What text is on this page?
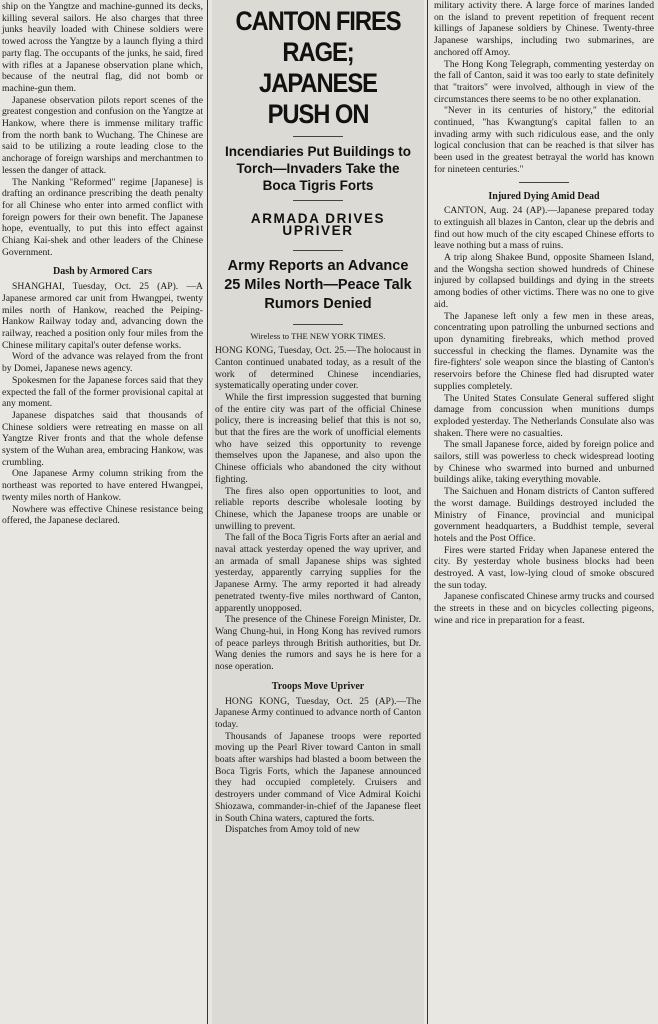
ship on the Yangtze and machine-gunned its decks, killing several sailors. He also charges that three junks heavily loaded with Chinese soldiers were towed across the Yangtze by a launch flying a third party flag. The occupants of the junks, he said, fired with rifles at a Japanese observation plane which, because of the neutral flag, did not bomb or machine-gun them.

Japanese observation pilots report scenes of the greatest congestion and confusion on the Yangtze at Hankow, where there is immense military traffic from the north bank to Wuchang. The Chinese are said to be utilizing a route leading close to the anchorage of foreign warships and merchantmen to lessen the danger of attack.

The Nanking "Reformed" regime [Japanese] is drafting an ordinance prescribing the death penalty for all Chinese who enter into armed conflict with foreign powers for their own benefit. The Japanese hope, eventually, to put this into effect against Chiang Kai-shek and other leaders of the Chinese Government.

Dash by Armored Cars

SHANGHAI, Tuesday, Oct. 25 (AP). —A Japanese armored car unit from Hwangpei, twenty miles north of Hankow, reached the Peiping-Hankow Railway today and, advancing down the railway, reached a position only four miles from the Chinese military capital's outer defense works.

Word of the advance was relayed from the front by Domei, Japanese news agency.

Spokesmen for the Japanese forces said that they expected the fall of the former provisional capital at any moment.

Japanese dispatches said that thousands of Chinese soldiers were retreating en masse on all Yangtze River fronts and that the whole defense system of the Wuhan area, embracing Hankow, was crumbling.

One Japanese Army column striking from the northeast was reported to have entered Hwangpei, twenty miles north of Hankow.

Nowhere was effective Chinese resistance being offered, the Japanese declared.

CANTON FIRES RAGE; JAPANESE PUSH ON
Incendiaries Put Buildings to Torch—Invaders Take the Boca Tigris Forts
ARMADA DRIVES UPRIVER
Army Reports an Advance 25 Miles North—Peace Talk Rumors Denied
Wireless to THE NEW YORK TIMES.

HONG KONG, Tuesday, Oct. 25.—The holocaust in Canton continued unabated today, as a result of the work of determined Chinese incendiaries, systematically operating under cover.

While the first impression suggested that burning of the entire city was part of the official Chinese policy, there is increasing belief that this is not so, but that the fires are the work of unofficial elements who have seized this opportunity to revenge themselves upon the Japanese, and also upon the Chinese officials who abandoned the city without fighting.

The fires also open opportunities to loot, and reliable reports describe wholesale looting by Chinese, which the Japanese troops are unable or unwilling to prevent.

The fall of the Boca Tigris Forts after an aerial and naval attack yesterday opened the way upriver, and an armada of small Japanese ships was sighted yesterday, apparently carrying supplies for the Japanese Army. The army reported it had already penetrated twenty-five miles northward of Canton, apparently unopposed.

The presence of the Chinese Foreign Minister, Dr. Wang Chung-hui, in Hong Kong has revived rumors of peace parleys through British authorities, but Dr. Wang denies the rumors and says he is here for a nose operation.

Troops Move Upriver

HONG KONG, Tuesday, Oct. 25 (AP).—The Japanese Army continued to advance north of Canton today.

Thousands of Japanese troops were reported moving up the Pearl River toward Canton in small boats after warships had blasted a boom between the Boca Tigris Forts, which the Japanese announced they had occupied completely. Cruisers and destroyers under command of Vice Admiral Koichi Shiozawa, commander-in-chief of the Japanese fleet in South China waters, captured the forts.

Dispatches from Amoy told of new

military activity there. A large force of marines landed on the island to prevent repetition of frequent recent killings of Japanese soldiers by Chinese. Twenty-three Japanese warships, including two submarines, are anchored off Amoy.

The Hong Kong Telegraph, commenting yesterday on the fall of Canton, said it was too early to state definitely that "traitors" were involved, although in view of the circumstances there seems to be no other explanation.

"Never in its centuries of history," the editorial continued, "has Kwangtung's capital fallen to an invading army with such ridiculous ease, and the only logical conclusion that can be reached is that silver has been used in the greatest betrayal the world has known for nineteen centuries."

Injured Dying Amid Dead

CANTON, Aug. 24 (AP).—Japanese prepared today to extinguish all blazes in Canton, clear up the debris and find out how much of the city escaped Chinese efforts to leave nothing but a mass of ruins.

A trip along Shakee Bund, opposite Shameen Island, and the Wongsha section showed hundreds of Chinese injured by collapsed buildings and dying in the streets among bodies of other victims. There was no one to give aid.

The Japanese left only a few men in these areas, concentrating upon patrolling the unburned sections and upon dynamiting firebreaks, which method proved successful in checking the flames. Dynamite was the fire-fighters' sole weapon since the blasting of Canton's reservoirs before the Chinese fled had disrupted water supplies completely.

The United States Consulate General suffered slight damage from concussion when munitions dumps exploded yesterday. The Netherlands Consulate also was shaken. There were no casualties.

The small Japanese force, aided by foreign police and sailors, still was powerless to check widespread looting by Chinese who swarmed into burned and unburned buildings alike, taking everything movable.

The Saichuen and Honam districts of Canton suffered the worst damage. Buildings destroyed included the Ministry of Finance, provincial and municipal government headquarters, a Buddhist temple, several hotels and the Post Office.

Fires were started Friday when Japanese entered the city. By yesterday whole business blocks had been destroyed. A vast, low-lying cloud of smoke obscured the sun today.

Japanese confiscated Chinese army trucks and coursed the streets in these and on bicycles collecting pigeons, wine and rice in preparation for a feast.
